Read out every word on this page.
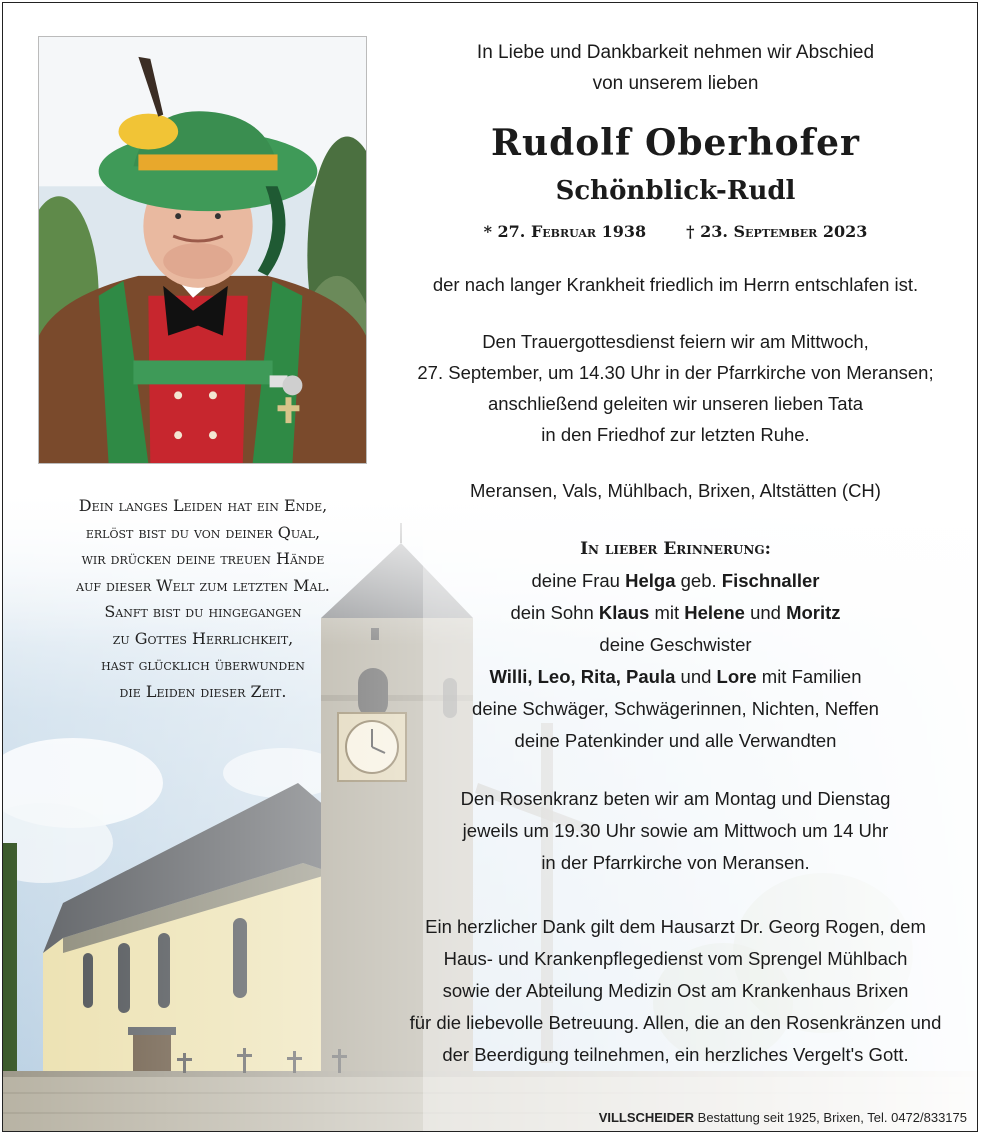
In Liebe und Dankbarkeit nehmen wir Abschied
von unserem lieben
Rudolf Oberhofer
Schönblick-Rudl
* 27. Februar 1938	† 23. September 2023
der nach langer Krankheit friedlich im Herrn entschlafen ist.
Den Trauergottesdienst feiern wir am Mittwoch,
27. September, um 14.30 Uhr in der Pfarrkirche von Meransen;
anschließend geleiten wir unseren lieben Tata
in den Friedhof zur letzten Ruhe.
Meransen, Vals, Mühlbach, Brixen, Altstätten (CH)
In lieber Erinnerung:
deine Frau Helga geb. Fischnaller
dein Sohn Klaus mit Helene und Moritz
deine Geschwister
Willi, Leo, Rita, Paula und Lore mit Familien
deine Schwäger, Schwägerinnen, Nichten, Neffen
deine Patenkinder und alle Verwandten
Den Rosenkranz beten wir am Montag und Dienstag
jeweils um 19.30 Uhr sowie am Mittwoch um 14 Uhr
in der Pfarrkirche von Meransen.
Ein herzlicher Dank gilt dem Hausarzt Dr. Georg Rogen, dem
Haus- und Krankenpflegedienst vom Sprengel Mühlbach
sowie der Abteilung Medizin Ost am Krankenhaus Brixen
für die liebevolle Betreuung. Allen, die an den Rosenkränzen und
der Beerdigung teilnehmen, ein herzliches Vergelt's Gott.
Dein langes Leiden hat ein Ende,
erlöst bist du von deiner Qual,
wir drücken deine treuen Hände
auf dieser Welt zum letzten Mal.
Sanft bist du hingegangen
zu Gottes Herrlichkeit,
hast glücklich überwunden
die Leiden dieser Zeit.
VILLSCHEIDER Bestattung seit 1925, Brixen, Tel. 0472/833175
